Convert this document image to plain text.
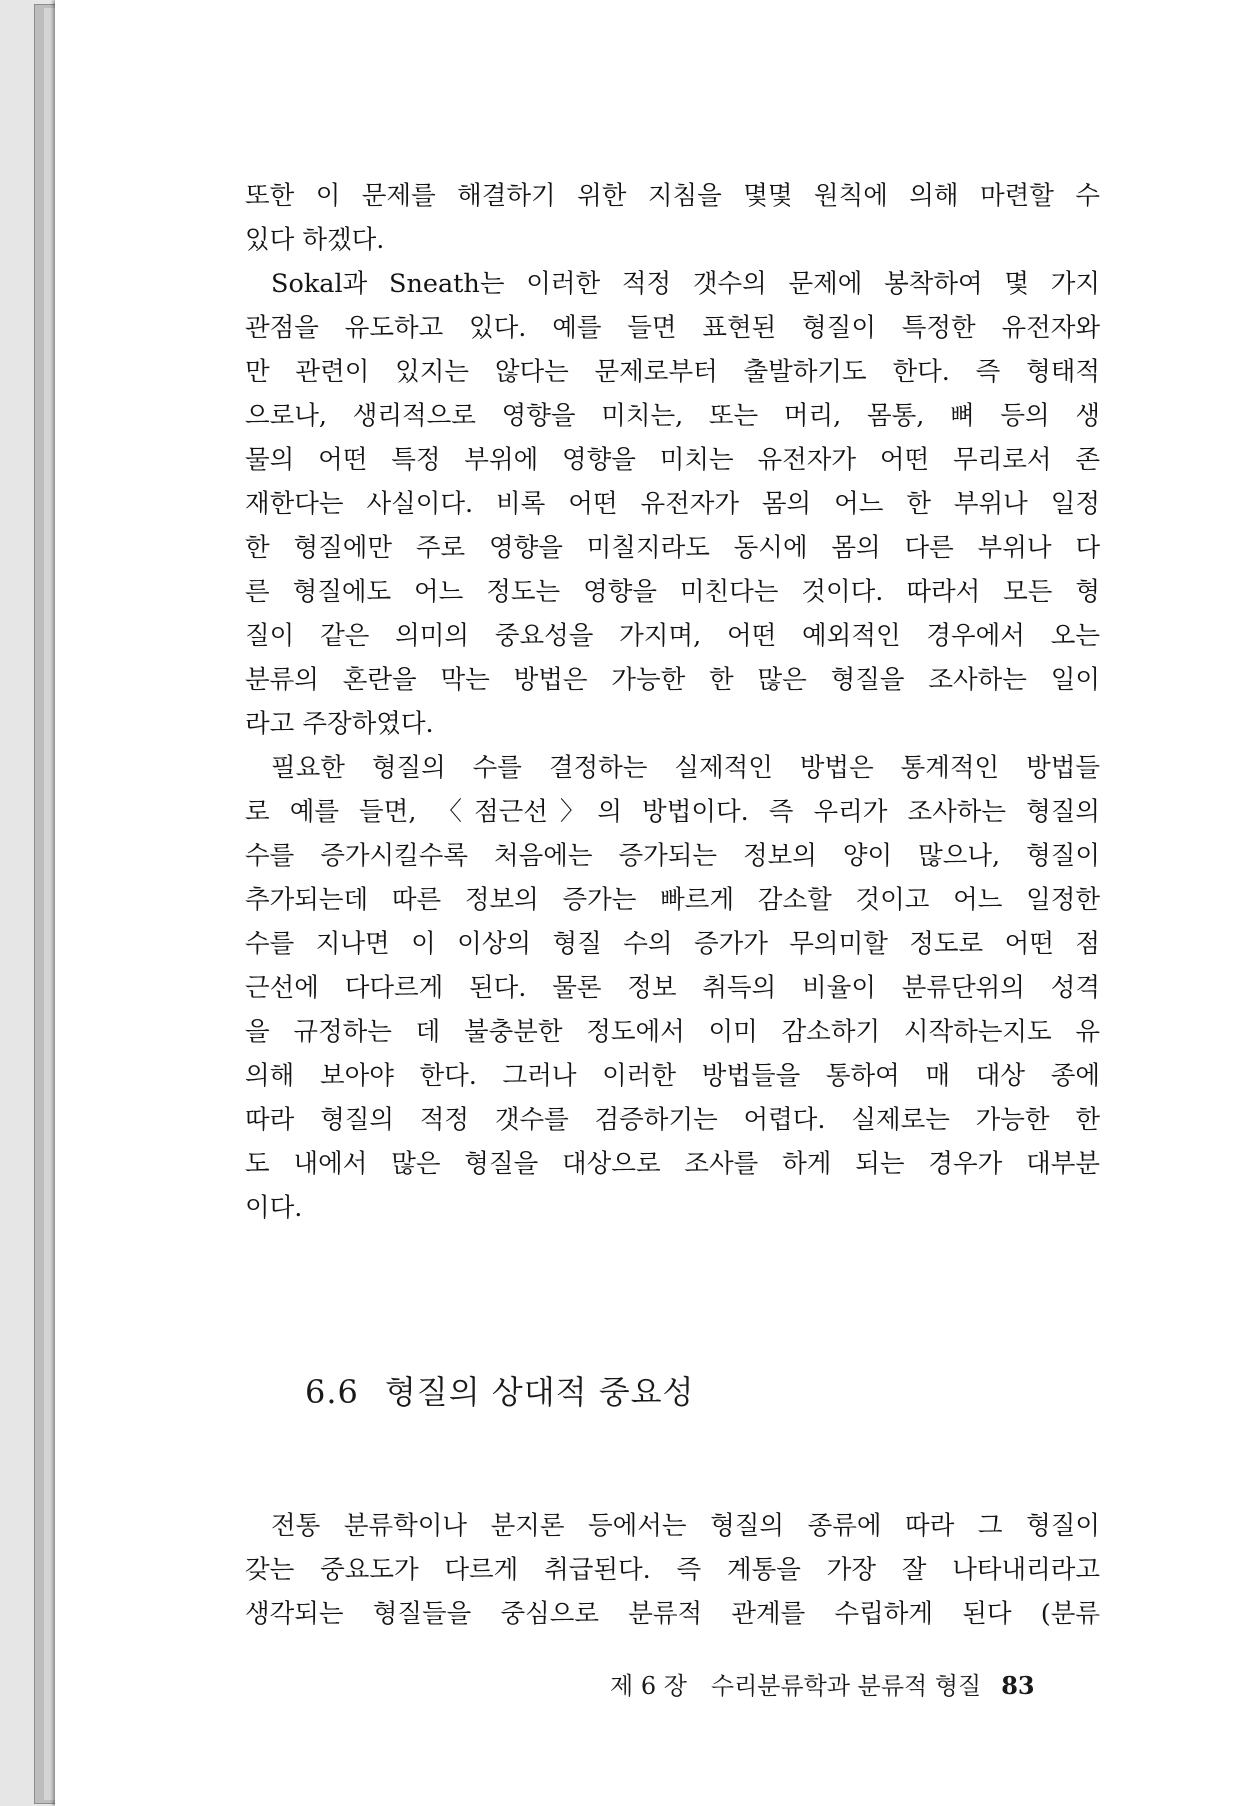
또한 이 문제를 해결하기 위한 지침을 몇몇 원칙에 의해 마련할 수
있다 하겠다.
Sokal과 Sneath는 이러한 적정 갯수의 문제에 봉착하여 몇 가지
관점을 유도하고 있다. 예를 들면 표현된 형질이 특정한 유전자와
만 관련이 있지는 않다는 문제로부터 출발하기도 한다. 즉 형태적
으로나, 생리적으로 영향을 미치는, 또는 머리, 몸통, 뼈 등의 생
물의 어떤 특정 부위에 영향을 미치는 유전자가 어떤 무리로서 존
재한다는 사실이다. 비록 어떤 유전자가 몸의 어느 한 부위나 일정
한 형질에만 주로 영향을 미칠지라도 동시에 몸의 다른 부위나 다
른 형질에도 어느 정도는 영향을 미친다는 것이다. 따라서 모든 형
질이 같은 의미의 중요성을 가지며, 어떤 예외적인 경우에서 오는
분류의 혼란을 막는 방법은 가능한 한 많은 형질을 조사하는 일이
라고 주장하였다.
필요한 형질의 수를 결정하는 실제적인 방법은 통계적인 방법들
로 예를 들면, 〈점근선〉의 방법이다. 즉 우리가 조사하는 형질의
수를 증가시킬수록 처음에는 증가되는 정보의 양이 많으나, 형질이
추가되는데 따른 정보의 증가는 빠르게 감소할 것이고 어느 일정한
수를 지나면 이 이상의 형질 수의 증가가 무의미할 정도로 어떤 점
근선에 다다르게 된다. 물론 정보 취득의 비율이 분류단위의 성격
을 규정하는 데 불충분한 정도에서 이미 감소하기 시작하는지도 유
의해 보아야 한다. 그러나 이러한 방법들을 통하여 매 대상 종에
따라 형질의 적정 갯수를 검증하기는 어렵다. 실제로는 가능한 한
도 내에서 많은 형질을 대상으로 조사를 하게 되는 경우가 대부분
이다.
6.6 형질의 상대적 중요성
전통 분류학이나 분지론 등에서는 형질의 종류에 따라 그 형질이
갖는 중요도가 다르게 취급된다. 즉 계통을 가장 잘 나타내리라고
생각되는 형질들을 중심으로 분류적 관계를 수립하게 된다 (분류
제 6 장 수리분류학과 분류적 형질 83
